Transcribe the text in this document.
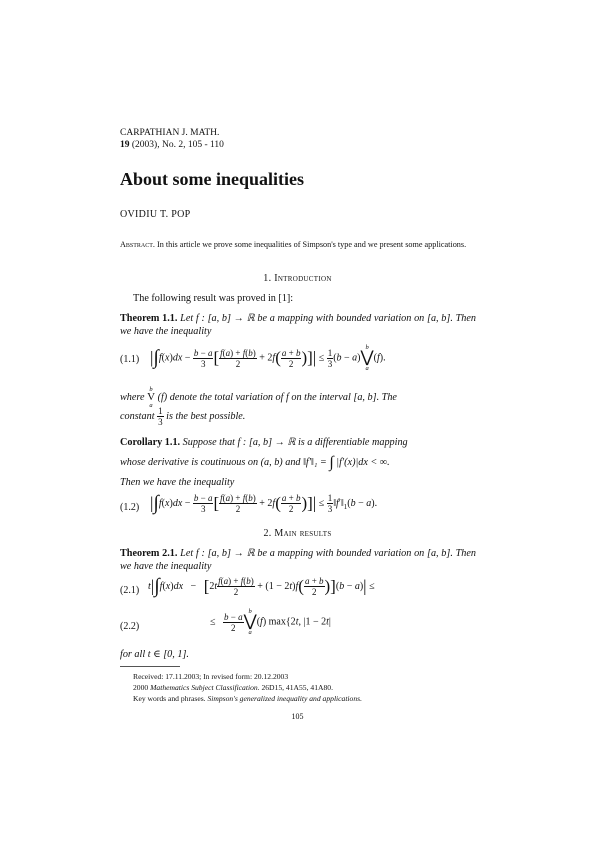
CARPATHIAN J. MATH.
19 (2003), No. 2, 105 - 110
About some inequalities
OVIDIU T. POP
Abstract. In this article we prove some inequalities of Simpson's type and we present some applications.
1. Introduction
The following result was proved in [1]:
Theorem 1.1. Let f : [a, b] → ℝ be a mapping with bounded variation on [a, b]. Then we have the inequality
(1.1) $|\int f(x)dx - \frac{b - a}{3}$ [ $\frac{f(a) + f(b)}{2} + 2f( \frac{a + b}{2}$ )]| ≤ $\frac{1}{3} (b - a)$
b
⋁
a
(f).
where
b
V
a
(f) denote the total variation of f on the interval [a, b]. The
constant $\frac{1}{3}$ is the best possible.
Corollary 1.1. Suppose that f : [a, b] → ℝ is a differentiable mapping
whose derivative is coutinuous on (a, b) and ‖f′‖₁ = ∫ |f′(x)|dx < ∞.
Then we have the inequality
(1.2) $|\int f(x)dx - \frac{b - a}{3}$ [ $\frac{f(a) + f(b)}{2} + 2f( \frac{a + b}{2}$ )]| ≤ $\frac{1}{3}$ $‖f'‖_1(b - a)$.
2. Main results
Theorem 2.1. Let f : [a, b] → ℝ be a mapping with bounded variation on [a, b]. Then we have the inequality
(2.1) $t|\int f(x)dx - [2t \frac{f(a) + f(b)}{2} + (1 - 2t)f( \frac{a + b}{2} )](b - a)|$ ≤
(2.2)	≤ $\frac{b - a}{2}$ b
⋁
a
(f) max{2t, |1 − 2t|
for all t ∈ [0, 1].
Received: 17.11.2003; In revised form: 20.12.2003
2000 Mathematics Subject Classification. 26D15, 41A55, 41A80.
Key words and phrases. Simpson's generalized inequality and applications.
105
